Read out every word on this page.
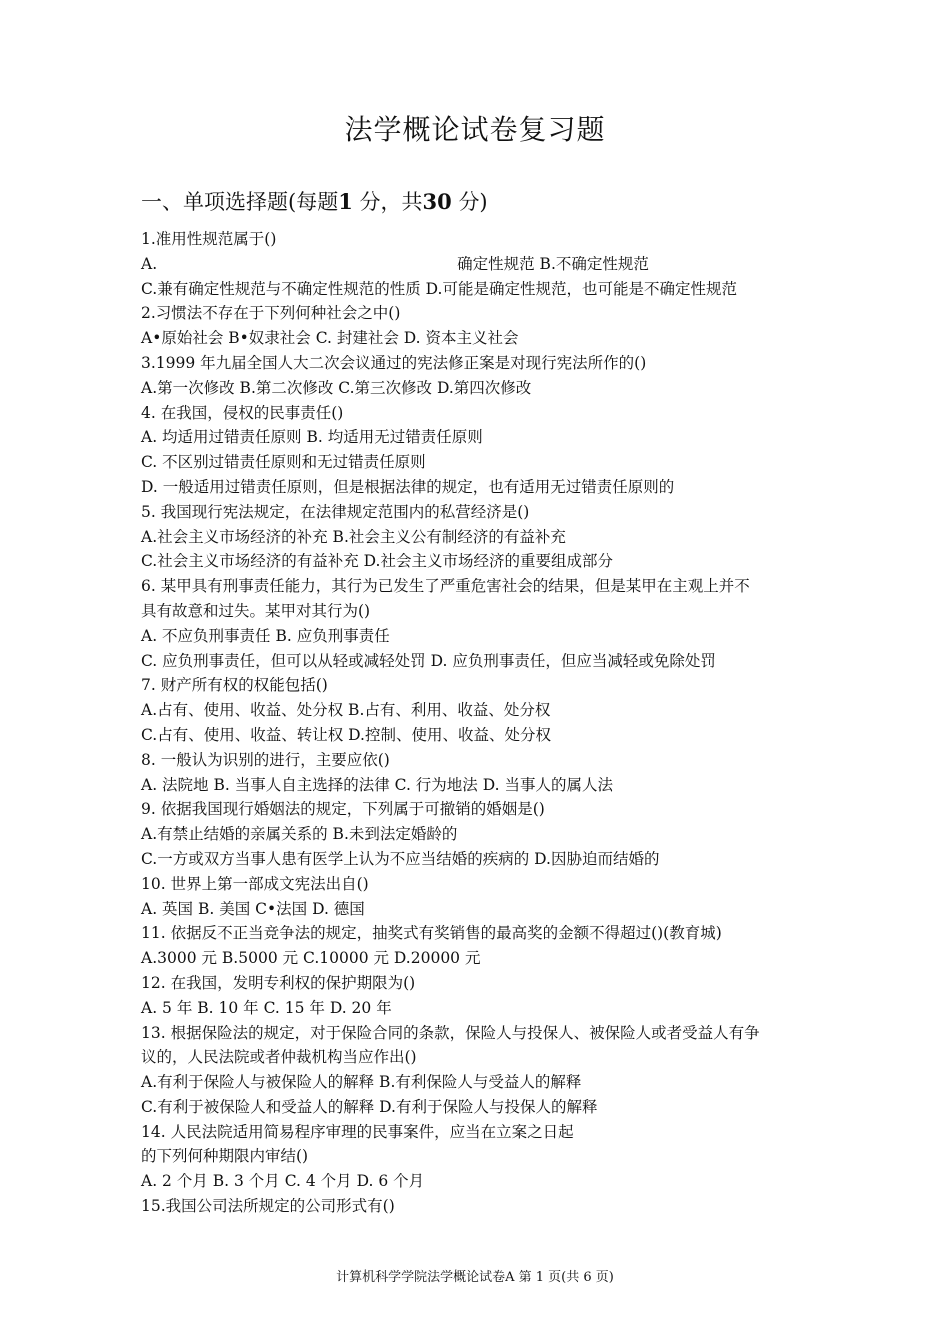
法学概论试卷复习题
一、单项选择题(每题1 分，共30 分)
1.准用性规范属于()
A.	确定性规范 B.不确定性规范
C.兼有确定性规范与不确定性规范的性质 D.可能是确定性规范，也可能是不确定性规范
2.习惯法不存在于下列何种社会之中()
A•原始社会 B•奴隶社会 C. 封建社会 D. 资本主义社会
3.1999 年九届全国人大二次会议通过的宪法修正案是对现行宪法所作的()
A.第一次修改 B.第二次修改 C.第三次修改 D.第四次修改
4. 在我国，侵权的民事责任()
A. 均适用过错责任原则 B. 均适用无过错责任原则
C. 不区别过错责任原则和无过错责任原则
D. 一般适用过错责任原则，但是根据法律的规定，也有适用无过错责任原则的
5. 我国现行宪法规定，在法律规定范围内的私营经济是()
A.社会主义市场经济的补充 B.社会主义公有制经济的有益补充
C.社会主义市场经济的有益补充 D.社会主义市场经济的重要组成部分
6. 某甲具有刑事责任能力，其行为已发生了严重危害社会的结果，但是某甲在主观上并不
具有故意和过失。某甲对其行为()
A. 不应负刑事责任 B. 应负刑事责任
C. 应负刑事责任，但可以从轻或减轻处罚 D. 应负刑事责任，但应当减轻或免除处罚
7. 财产所有权的权能包括()
A.占有、使用、收益、处分权 B.占有、利用、收益、处分权
C.占有、使用、收益、转让权 D.控制、使用、收益、处分权
8. 一般认为识别的进行，主要应依()
A. 法院地 B. 当事人自主选择的法律 C. 行为地法 D. 当事人的属人法
9. 依据我国现行婚姻法的规定，下列属于可撤销的婚姻是()
A.有禁止结婚的亲属关系的 B.未到法定婚龄的
C.一方或双方当事人患有医学上认为不应当结婚的疾病的 D.因胁迫而结婚的
10. 世界上第一部成文宪法出自()
A. 英国 B. 美国 C•法国 D. 德国
11. 依据反不正当竞争法的规定，抽奖式有奖销售的最高奖的金额不得超过()(教育城)
A.3000 元 B.5000 元 C.10000 元 D.20000 元
12. 在我国，发明专利权的保护期限为()
A. 5 年 B. 10 年 C. 15 年 D. 20 年
13. 根据保险法的规定，对于保险合同的条款，保险人与投保人、被保险人或者受益人有争
议的，人民法院或者仲裁机构当应作出()
A.有利于保险人与被保险人的解释 B.有利保险人与受益人的解释
C.有利于被保险人和受益人的解释 D.有利于保险人与投保人的解释
14. 人民法院适用简易程序审理的民事案件，应当在立案之日起
的下列何种期限内审结()
A. 2 个月 B. 3 个月 C. 4 个月 D. 6 个月
15.我国公司法所规定的公司形式有()
计算机科学学院法学概论试卷A 第 1 页(共 6 页)
